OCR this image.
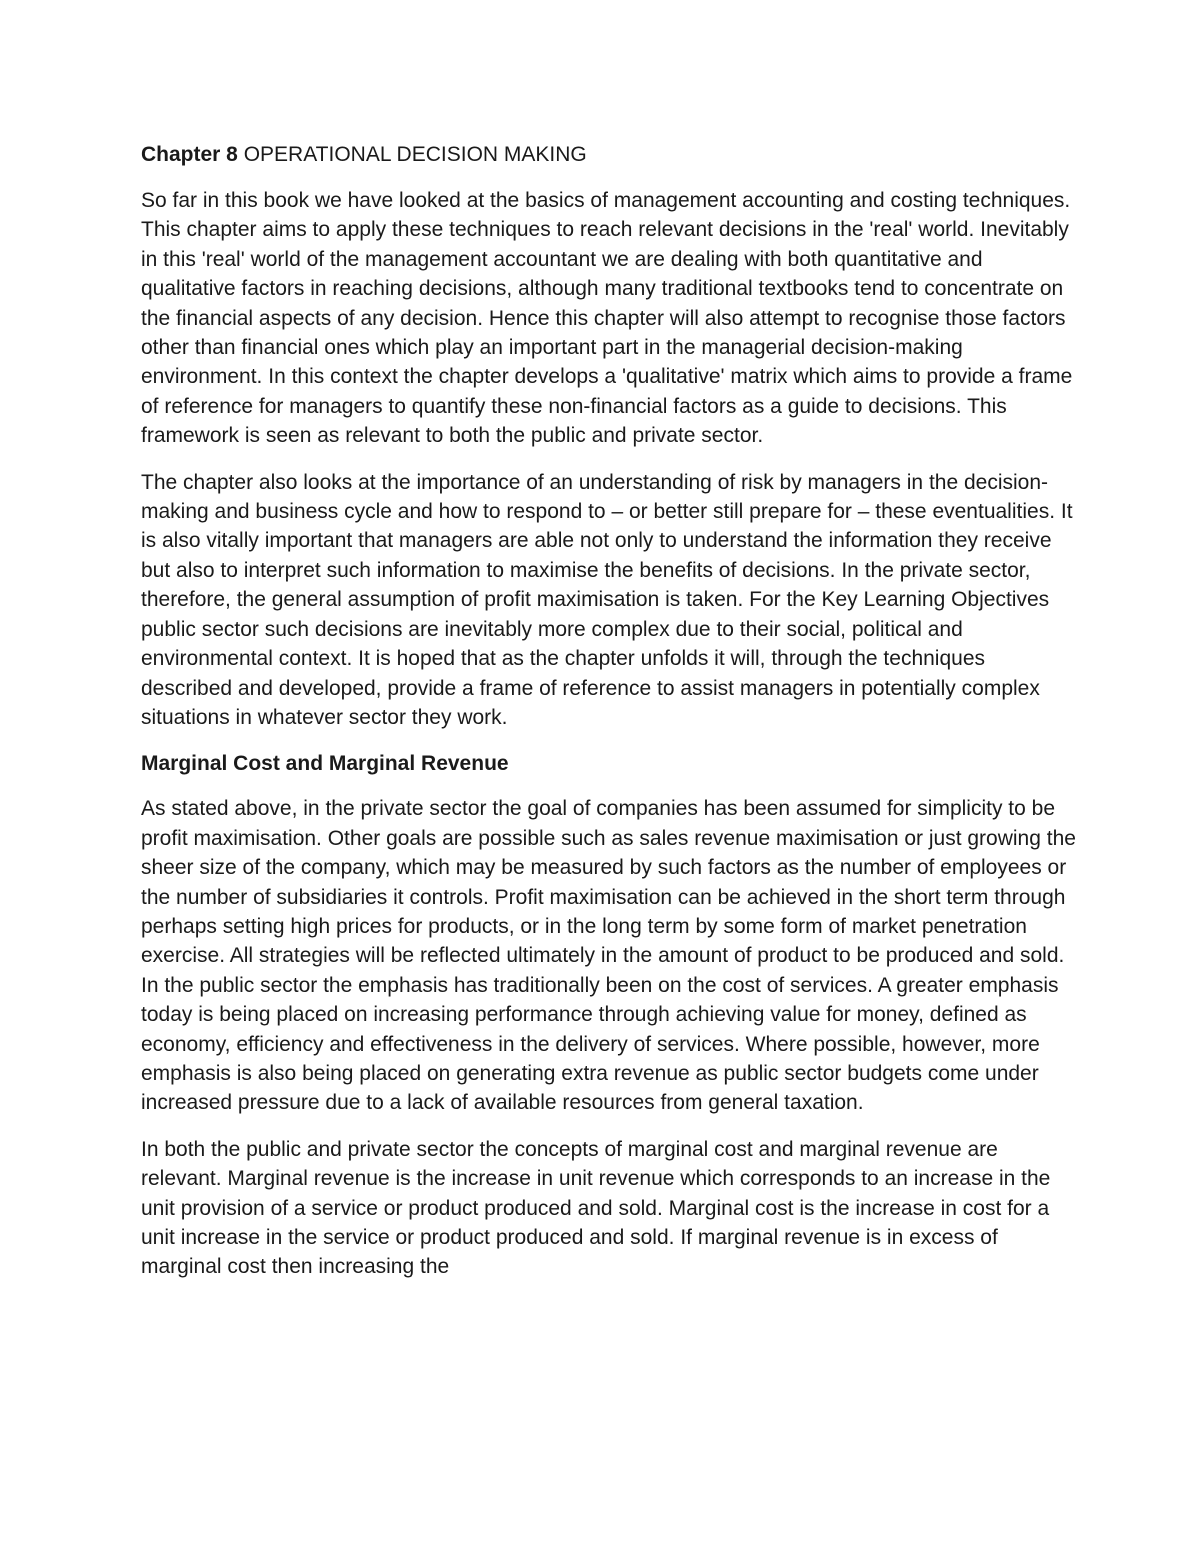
Chapter 8 OPERATIONAL DECISION MAKING

So far in this book we have looked at the basics of management accounting and costing techniques. This chapter aims to apply these techniques to reach relevant decisions in the 'real' world. Inevitably in this 'real' world of the management accountant we are dealing with both quantitative and qualitative factors in reaching decisions, although many traditional textbooks tend to concentrate on the financial aspects of any decision. Hence this chapter will also attempt to recognise those factors other than financial ones which play an important part in the managerial decision-making environment. In this context the chapter develops a 'qualitative' matrix which aims to provide a frame of reference for managers to quantify these non-financial factors as a guide to decisions. This framework is seen as relevant to both the public and private sector.

The chapter also looks at the importance of an understanding of risk by managers in the decision-making and business cycle and how to respond to – or better still prepare for – these eventualities. It is also vitally important that managers are able not only to understand the information they receive but also to interpret such information to maximise the benefits of decisions. In the private sector, therefore, the general assumption of profit maximisation is taken. For the Key Learning Objectives public sector such decisions are inevitably more complex due to their social, political and environmental context. It is hoped that as the chapter unfolds it will, through the techniques described and developed, provide a frame of reference to assist managers in potentially complex situations in whatever sector they work.

Marginal Cost and Marginal Revenue

As stated above, in the private sector the goal of companies has been assumed for simplicity to be profit maximisation. Other goals are possible such as sales revenue maximisation or just growing the sheer size of the company, which may be measured by such factors as the number of employees or the number of subsidiaries it controls. Profit maximisation can be achieved in the short term through perhaps setting high prices for products, or in the long term by some form of market penetration exercise. All strategies will be reflected ultimately in the amount of product to be produced and sold. In the public sector the emphasis has traditionally been on the cost of services. A greater emphasis today is being placed on increasing performance through achieving value for money, defined as economy, efficiency and effectiveness in the delivery of services. Where possible, however, more emphasis is also being placed on generating extra revenue as public sector budgets come under increased pressure due to a lack of available resources from general taxation.

In both the public and private sector the concepts of marginal cost and marginal revenue are relevant. Marginal revenue is the increase in unit revenue which corresponds to an increase in the unit provision of a service or product produced and sold. Marginal cost is the increase in cost for a unit increase in the service or product produced and sold. If marginal revenue is in excess of marginal cost then increasing the
